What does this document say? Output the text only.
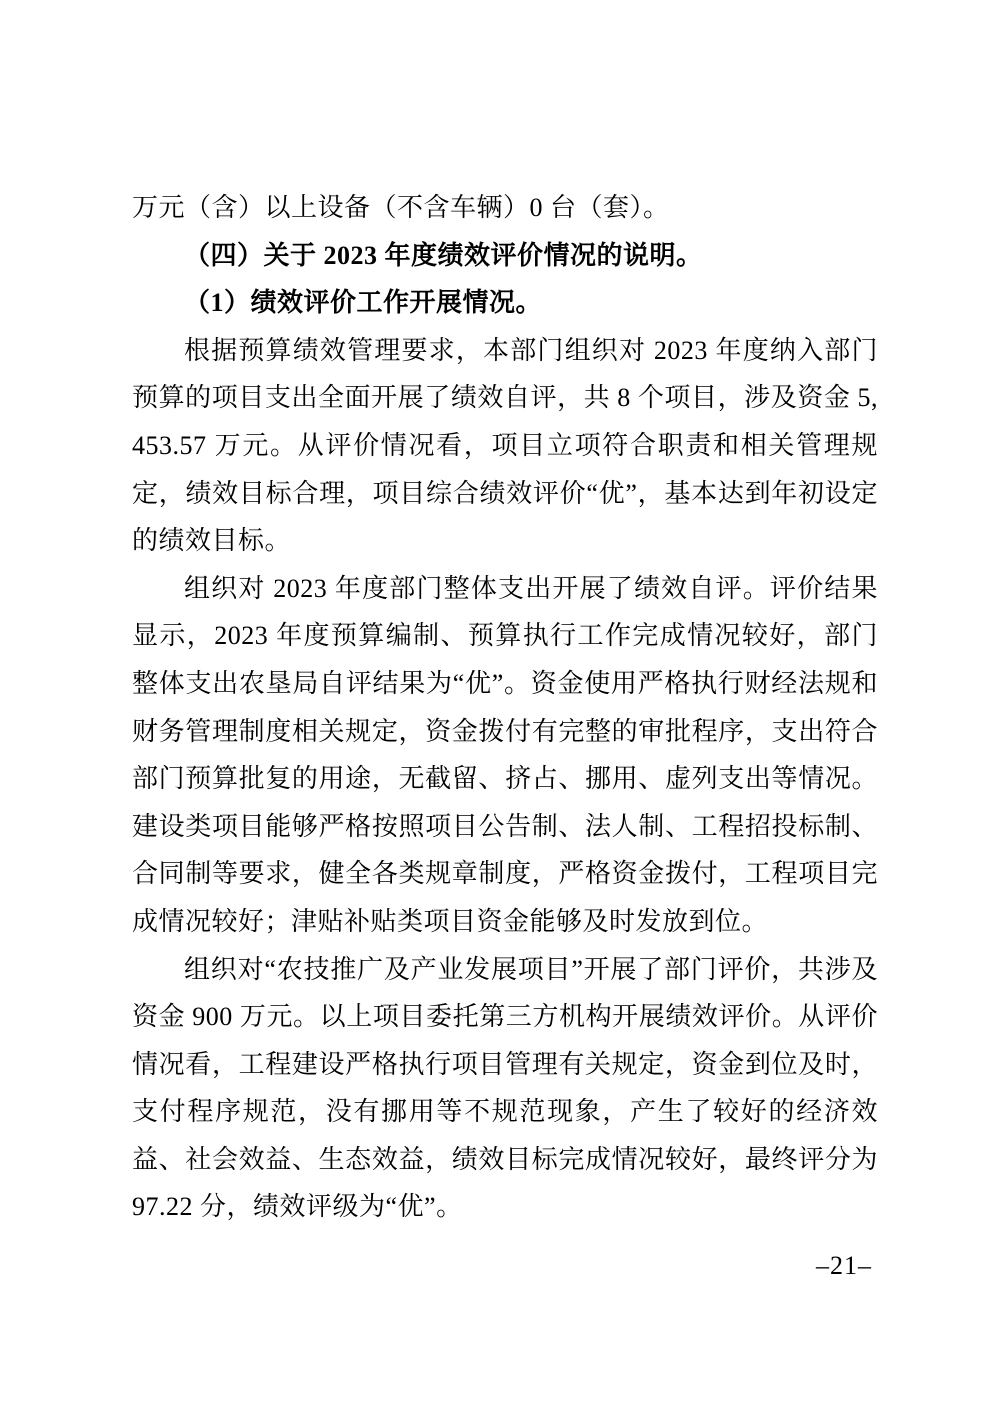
万元（含）以上设备（不含车辆）0 台（套）。

（四）关于 2023 年度绩效评价情况的说明。

（1）绩效评价工作开展情况。

根据预算绩效管理要求，本部门组织对 2023 年度纳入部门预算的项目支出全面开展了绩效自评，共 8 个项目，涉及资金 5,453.57 万元。从评价情况看，项目立项符合职责和相关管理规定，绩效目标合理，项目综合绩效评价“优”，基本达到年初设定的绩效目标。

组织对 2023 年度部门整体支出开展了绩效自评。评价结果显示，2023 年度预算编制、预算执行工作完成情况较好，部门整体支出农垦局自评结果为“优”。资金使用严格执行财经法规和财务管理制度相关规定，资金拨付有完整的审批程序，支出符合部门预算批复的用途，无截留、挤占、挪用、虚列支出等情况。建设类项目能够严格按照项目公告制、法人制、工程招投标制、合同制等要求，健全各类规章制度，严格资金拨付，工程项目完成情况较好；津贴补贴类项目资金能够及时发放到位。

组织对“农技推广及产业发展项目”开展了部门评价，共涉及资金 900 万元。以上项目委托第三方机构开展绩效评价。从评价情况看，工程建设严格执行项目管理有关规定，资金到位及时，支付程序规范，没有挪用等不规范现象，产生了较好的经济效益、社会效益、生态效益，绩效目标完成情况较好，最终评分为 97.22 分，绩效评级为“优”。

–21–
